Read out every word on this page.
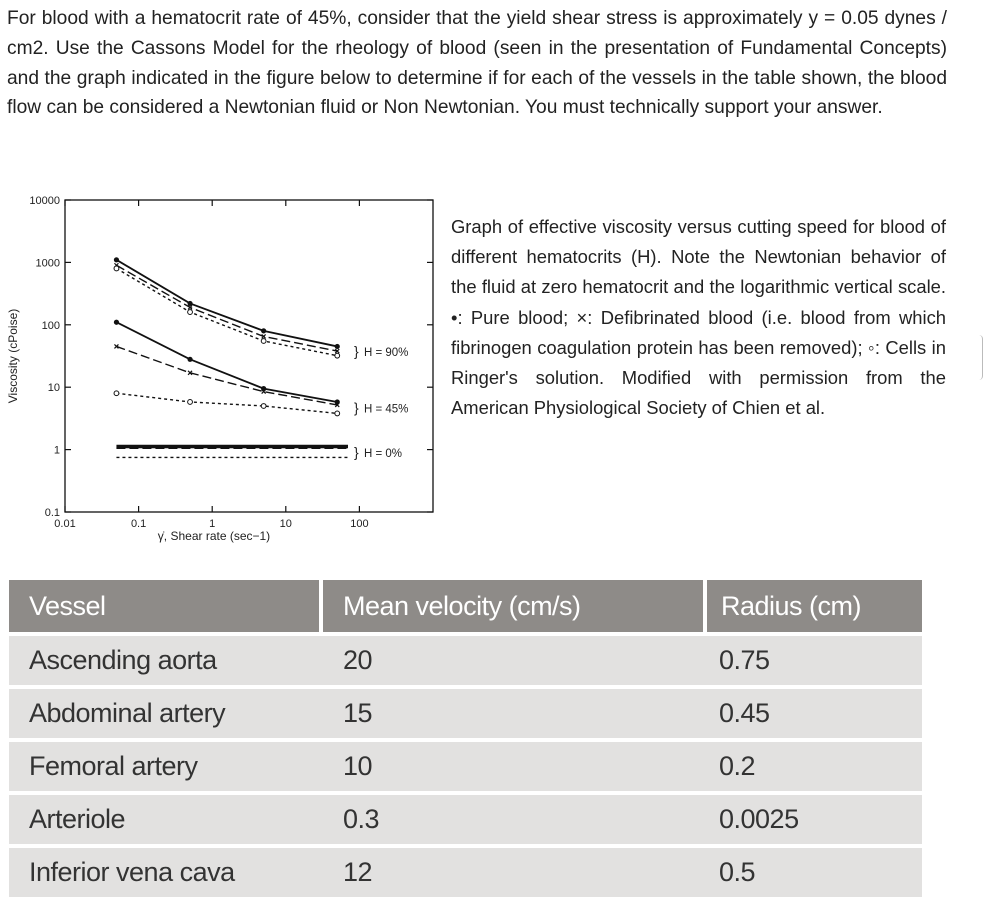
For blood with a hematocrit rate of 45%, consider that the yield shear stress is approximately y = 0.05 dynes / cm2. Use the Cassons Model for the rheology of blood (seen in the presentation of Fundamental Concepts) and the graph indicated in the figure below to determine if for each of the vessels in the table shown, the blood flow can be considered a Newtonian fluid or Non Newtonian. You must technically support your answer.
0.1
1
10
100
1000
10000
0.01	0.1	1	10	100
γ̇, Shear rate (sec−1)
Viscosity (cPoise)	} H = 90%
} H = 45%
} H = 0%
Graph of effective viscosity versus cutting speed for blood of different hematocrits (H). Note the Newtonian behavior of the fluid at zero hematocrit and the logarithmic vertical scale. •: Pure blood; ×: Defibrinated blood (i.e. blood from which fibrinogen coagulation protein has been removed); ◦: Cells in Ringer's solution. Modified with permission from the American Physiological Society of Chien et al.
Vessel	Mean velocity (cm/s)	Radius (cm)
Ascending aorta	20	0.75
Abdominal artery	15	0.45
Femoral artery	10	0.2
Arteriole	0.3	0.0025
Inferior vena cava	12	0.5
